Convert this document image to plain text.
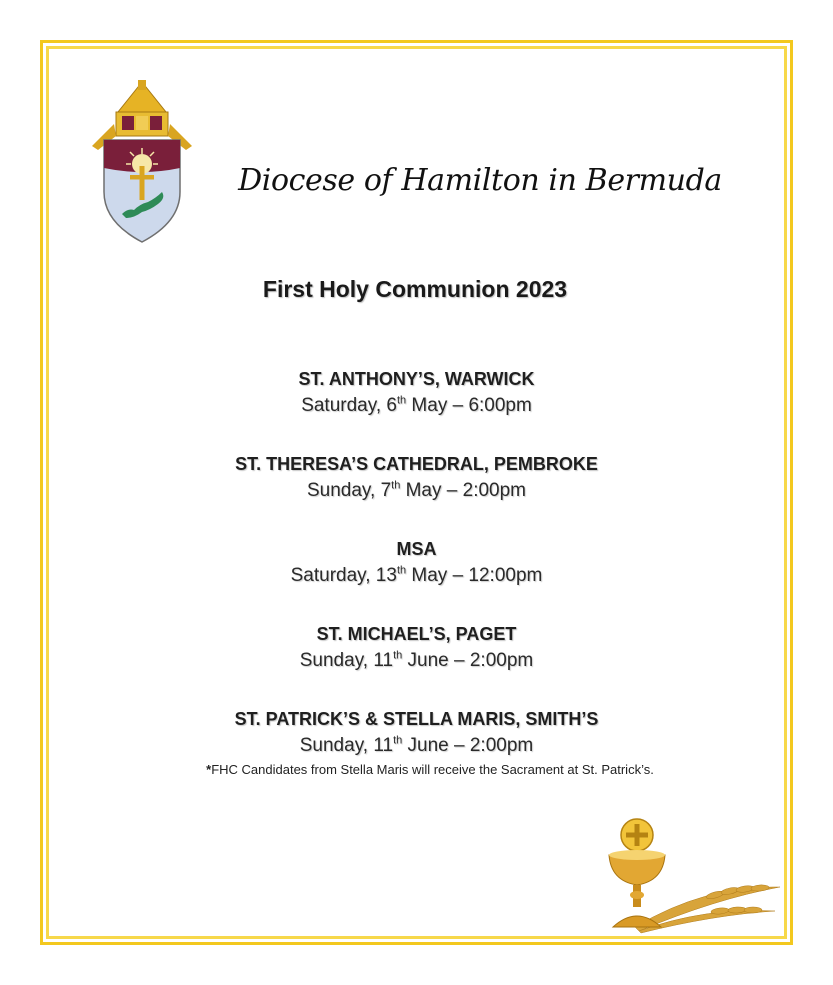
Diocese of Hamilton in Bermuda
First Holy Communion 2023
ST. ANTHONY’S, WARWICK
Saturday, 6th May – 6:00pm
ST. THERESA’S CATHEDRAL, PEMBROKE
Sunday, 7th May – 2:00pm
MSA
Saturday, 13th May – 12:00pm
ST. MICHAEL’S, PAGET
Sunday, 11th June – 2:00pm
ST. PATRICK’S & STELLA MARIS, SMITH’S
Sunday, 11th June – 2:00pm
*FHC Candidates from Stella Maris will receive the Sacrament at St. Patrick’s.
